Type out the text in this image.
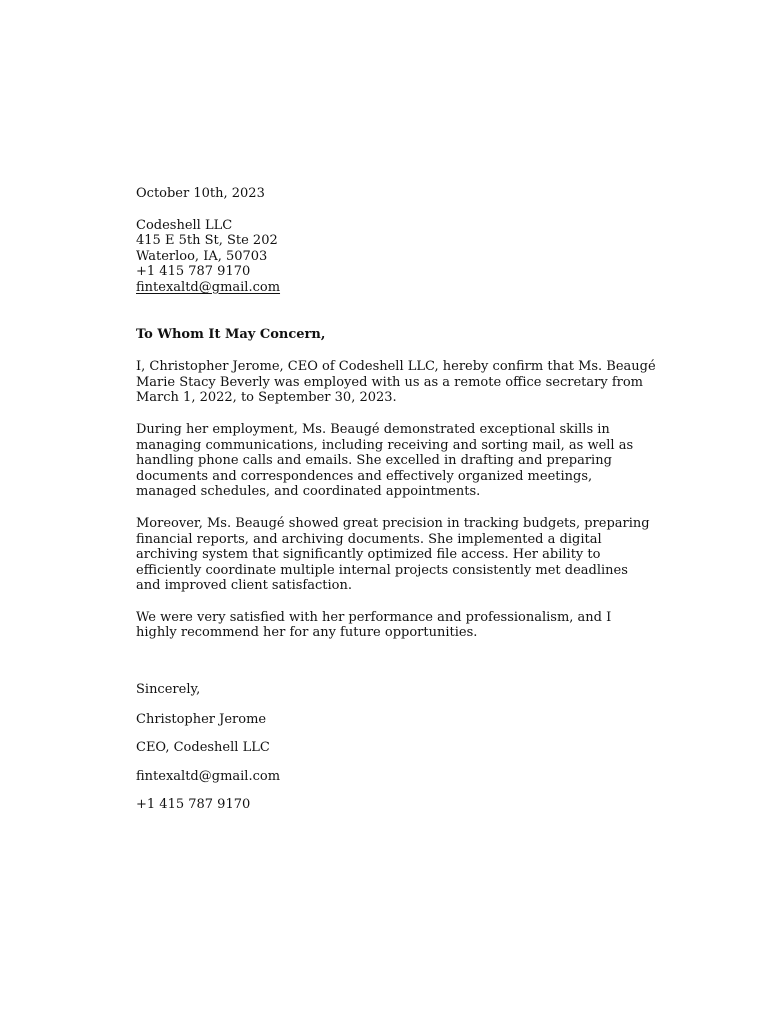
October 10th, 2023
Codeshell LLC
415 E 5th St, Ste 202
Waterloo, IA, 50703
+1 415 787 9170
fintexaltd@gmail.com
To Whom It May Concern,
I, Christopher Jerome, CEO of Codeshell LLC, hereby confirm that Ms. Beaugé Marie Stacy Beverly was employed with us as a remote office secretary from March 1, 2022, to September 30, 2023.
During her employment, Ms. Beaugé demonstrated exceptional skills in managing communications, including receiving and sorting mail, as well as handling phone calls and emails. She excelled in drafting and preparing documents and correspondences and effectively organized meetings, managed schedules, and coordinated appointments.
Moreover, Ms. Beaugé showed great precision in tracking budgets, preparing financial reports, and archiving documents. She implemented a digital archiving system that significantly optimized file access. Her ability to efficiently coordinate multiple internal projects consistently met deadlines and improved client satisfaction.
We were very satisfied with her performance and professionalism, and I highly recommend her for any future opportunities.
Sincerely,
Christopher Jerome
CEO, Codeshell LLC
fintexaltd@gmail.com
+1 415 787 9170
